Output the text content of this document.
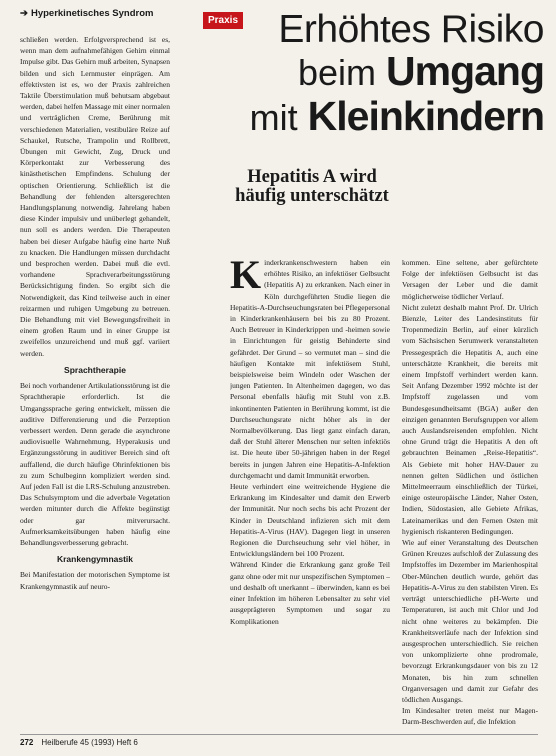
➔ Hyperkinetisches Syndrom

schließen werden. Erfolgversprechend ist es, wenn man dem aufnahmefähigen Gehirn einmal Impulse gibt. Das Gehirn muß arbeiten, Synapsen bilden und sich Lernmuster einprägen. Am effektivsten ist es, wo der Praxis zahlreichen Taktile Überstimulation muß behutsam abgebaut werden, dabei helfen Massage mit einer normalen und verträglichen Creme, Berührung mit verschiedenen Materialien, vestibuläre Reize auf Schaukel, Rutsche, Trampolin und Rollbrett, Übungen mit Gewicht, Zug, Druck und Körperkontakt zur Verbesserung des kinästhetischen Empfindens. Schulung der optischen Orientierung. Schließlich ist die Behandlung der fehlenden altersgerechten Handlungsplanung notwendig. Jahrelang haben diese Kinder impulsiv und unüberlegt gehandelt, nun soll es anders werden. Die Therapeuten haben bei dieser Aufgabe häufig eine harte Nuß zu knacken. Die Handlungen müssen durchdacht und besprochen werden. Dabei muß die evtl. vorhandene Sprachverarbeitungsstörung Berücksichtigung finden. So ergibt sich die Notwendigkeit, das Kind teilweise auch in einer reizarmen und ruhigen Umgebung zu betreuen. Die Behandlung mit viel Bewegungsfreiheit in einem großen Raum und in einer Gruppe ist zweifellos unzureichend und muß ggf. variiert werden.

Sprachtherapie

Bei noch vorhandener Artikulationsstörung ist die Sprachtherapie erforderlich. Ist die Umgangssprache gering entwickelt, müssen die auditive Differenzierung und die Perzeption verbessert werden. Denn gerade die asynchrone audiovisuelle Wahrnehmung, Hyperakusis und Ergänzungsstörung in auditiver Bereich sind oft auffallend, die durch häufige Ohrinfektionen bis zu zum Schulbeginn kompliziert werden sind. Auf jeden Fall ist die LRS-Schulung anzustreben. Das Schulsymptom und die adverbale Vegetation werden mitunter durch die Affekte begünstigt oder gar mitverursacht. Aufmerksamkeitsübungen haben häufig eine Behandlungsverbesserung gebracht.

Krankengymnastik

Bei Manifestation der motorischen Symptome ist Krankengymnastik auf neuro-

Praxis	Erhöhtes Risiko
beim Umgang
mit Kleinkindern
Hepatitis A wird häufig unterschätzt

Kinderkrankenschwestern haben ein erhöhtes Risiko, an infektiöser Gelbsucht (Hepatitis A) zu erkranken. Nach einer in Köln durchgeführten Studie liegen die Hepatitis-A-Durchseuchungsraten bei Pflegepersonal in Kinderkrankenhäusern bei bis zu 80 Prozent. Auch Betreuer in Kinderkrippen und -heimen sowie in Einrichtungen für geistig Behinderte sind gefährdet. Der Grund – so vermutet man – sind die häufigen Kontakte mit infektiösem Stuhl, beispielsweise beim Windeln oder Waschen der jungen Patienten. In Altenheimen dagegen, wo das Personal ebenfalls häufig mit Stuhl von z.B. inkontinenten Patienten in Berührung kommt, ist die Durchseuchungsrate nicht höher als in der Normalbevölkerung. Das liegt ganz einfach daran, daß der Stuhl älterer Menschen nur selten infektiös ist. Die heute über 50-jährigen haben in der Regel bereits in jungen Jahren eine Hepatitis-A-Infektion durchgemacht und damit Immunität erworben.

Heute verhindert eine weitreichende Hygiene die Erkrankung im Kindesalter und damit den Erwerb der Immunität. Nur noch sechs bis acht Prozent der Kinder in Deutschland infizieren sich mit dem Hepatitis-A-Virus (HAV). Dagegen liegt in unseren Regionen die Durchseuchung sehr viel höher, in Entwicklungsländern bei 100 Prozent.

Während Kinder die Erkrankung ganz große Teil ganz ohne oder mit nur unspezifischen Symptomen – und deshalb oft unerkannt – überwinden, kann es bei einer Infektion im höheren Lebensalter zu sehr viel ausgeprägteren Symptomen und sogar zu Komplikationen

kommen. Eine seltene, aber gefürchtete Folge der infektiösen Gelbsucht ist das Versagen der Leber und die damit möglicherweise tödlicher Verlauf.

Nicht zuletzt deshalb mahnt Prof. Dr. Ulrich Bienzle, Leiter des Landesinstituts für Tropenmedizin Berlin, auf einer kürzlich vom Sächsischen Serumwerk veranstalteten Pressegespräch die Hepatitis A, auch eine unterschätzte Krankheit, die bereits mit einem Impfstoff verhindert werden kann. Seit Anfang Dezember 1992 möchte ist der Impfstoff zugelassen und vom Bundesgesundheitsamt (BGA) außer den einzigen genannten Berufsgruppen vor allem auch Auslandsreisenden empfohlen. Nicht ohne Grund trägt die Hepatitis A den oft gebrauchten Beinamen „Reise-Hepatitis“. Als Gebiete mit hoher HAV-Dauer zu nennen gelten Südlichen und östlichen Mittelmeerraum einschließlich der Türkei, einige osteuropäische Länder, Naher Osten, Indien, Südostasien, alle Gebiete Afrikas, Lateinamerikas und den Fernen Osten mit hygienisch riskanteren Bedingungen.

Wie auf einer Veranstaltung des Deutschen Grünen Kreuzes aufschloß der Zulassung des Impfstoffes im Dezember im Marienhospital Ober-München deutlich wurde, gehört das Hepatitis-A-Virus zu den stabilsten Viren. Es verträgt unterschiedliche pH-Werte und Temperaturen, ist auch mit Chlor und Jod nicht ohne weiteres zu bekämpfen. Die Krankheitsverläufe nach der Infektion sind ausgesprochen unterschiedlich. Sie reichen von unkomplizierte ohne prodromale, bevorzugt Erkrankungsdauer von bis zu 12 Monaten, bis hin zum schnellen Organversagen und damit zur Gefahr des tödlichen Ausgangs.

Im Kindesalter treten meist nur Magen-Darm-Beschwerden auf, die Infektion

272 Heilberufe 45 (1993) Heft 6
